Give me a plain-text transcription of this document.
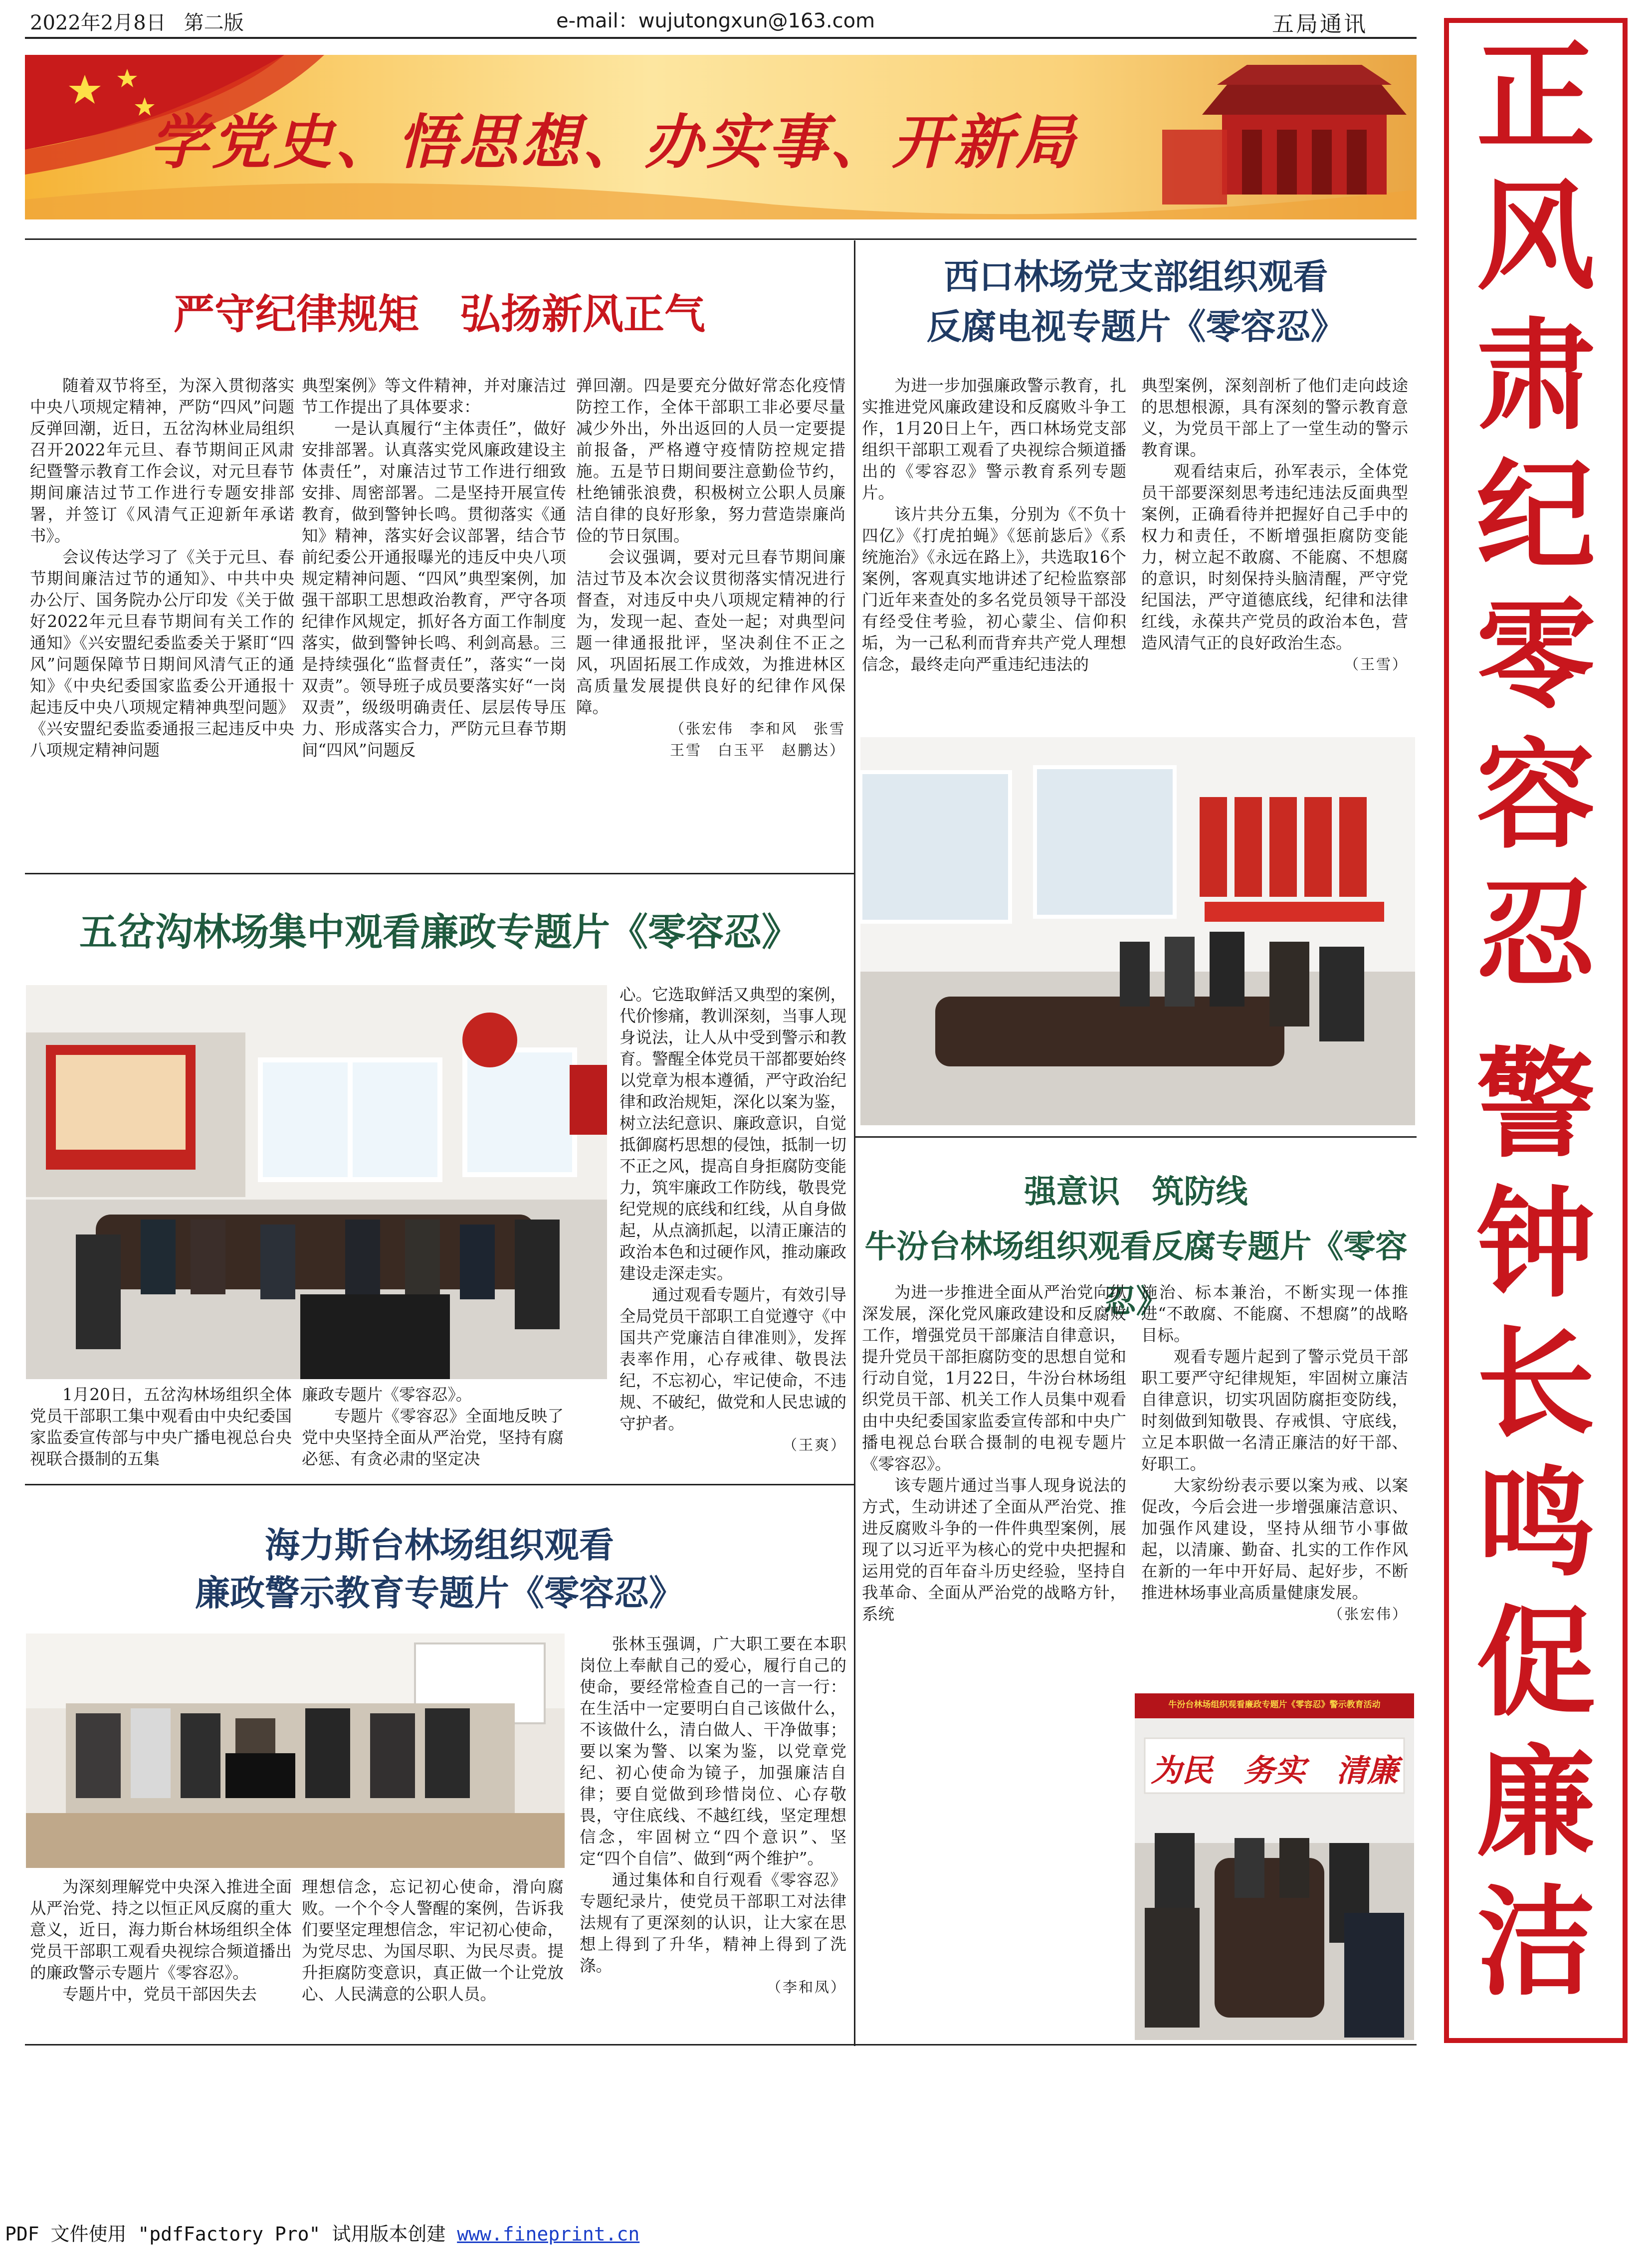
2022年2月8日 第二版	e-mail：wujutongxun@163.com	五局通讯
学党史、悟思想、办实事、开新局	正
风
肃
纪
零
容
忍
警
钟
长
鸣
促
廉
洁
严守纪律规矩　弘扬新风正气

随着双节将至，为深入贯彻落实中央八项规定精神，严防“四风”问题反弹回潮，近日，五岔沟林业局组织召开2022年元旦、春节期间正风肃纪暨警示教育工作会议，对元旦春节期间廉洁过节工作进行专题安排部署，并签订《风清气正迎新年承诺书》。

会议传达学习了《关于元旦、春节期间廉洁过节的通知》、中共中央办公厅、国务院办公厅印发《关于做好2022年元旦春节期间有关工作的通知》《兴安盟纪委监委关于紧盯“四风”问题保障节日期间风清气正的通知》《中央纪委国家监委公开通报十起违反中央八项规定精神典型问题》《兴安盟纪委监委通报三起违反中央八项规定精神问题

典型案例》等文件精神，并对廉洁过节工作提出了具体要求：

一是认真履行“主体责任”，做好安排部署。认真落实党风廉政建设主体责任”，对廉洁过节工作进行细致安排、周密部署。二是坚持开展宣传教育，做到警钟长鸣。贯彻落实《通知》精神，落实好会议部署，结合节前纪委公开通报曝光的违反中央八项规定精神问题、“四风”典型案例，加强干部职工思想政治教育，严守各项纪律作风规定，抓好各方面工作制度落实，做到警钟长鸣、利剑高悬。三是持续强化“监督责任”，落实“一岗双责”。领导班子成员要落实好“一岗双责”，级级明确责任、层层传导压力、形成落实合力，严防元旦春节期间“四风”问题反

弹回潮。四是要充分做好常态化疫情防控工作，全体干部职工非必要尽量减少外出，外出返回的人员一定要提前报备，严格遵守疫情防控规定措施。五是节日期间要注意勤俭节约，杜绝铺张浪费，积极树立公职人员廉洁自律的良好形象，努力营造崇廉尚俭的节日氛围。

会议强调，要对元旦春节期间廉洁过节及本次会议贯彻落实情况进行督查，对违反中央八项规定精神的行为，发现一起、查处一起；对典型问题一律通报批评，坚决刹住不正之风，巩固拓展工作成效，为推进林区高质量发展提供良好的纪律作风保障。

（张宏伟　李和风　张雪
王雪　白玉平　赵鹏达）
五岔沟林场集中观看廉政专题片《零容忍》

心。它选取鲜活又典型的案例，代价惨痛，教训深刻，当事人现身说法，让人从中受到警示和教育。警醒全体党员干部都要始终以党章为根本遵循，严守政治纪律和政治规矩，深化以案为鉴，树立法纪意识、廉政意识，自觉抵御腐朽思想的侵蚀，抵制一切不正之风，提高自身拒腐防变能力，筑牢廉政工作防线，敬畏党纪党规的底线和红线，从自身做起，从点滴抓起，以清正廉洁的政治本色和过硬作风，推动廉政建设走深走实。

通过观看专题片，有效引导全局党员干部职工自觉遵守《中国共产党廉洁自律准则》，发挥表率作用，心存戒律、敬畏法纪，不忘初心，牢记使命，不违规、不破纪，做党和人民忠诚的守护者。

（王爽）

1月20日，五岔沟林场组织全体党员干部职工集中观看由中央纪委国家监委宣传部与中央广播电视总台央视联合摄制的五集

廉政专题片《零容忍》。

专题片《零容忍》全面地反映了党中央坚持全面从严治党，坚持有腐必惩、有贪必肃的坚定决

海力斯台林场组织观看
廉政警示教育专题片《零容忍》

张林玉强调，广大职工要在本职岗位上奉献自己的爱心，履行自己的使命，要经常检查自己的一言一行：在生活中一定要明白自己该做什么，不该做什么，清白做人、干净做事；要以案为警、以案为鉴，以党章党纪、初心使命为镜子，加强廉洁自律；要自觉做到珍惜岗位、心存敬畏，守住底线、不越红线，坚定理想信念，牢固树立“四个意识”、坚定“四个自信”、做到“两个维护”。

通过集体和自行观看《零容忍》专题纪录片，使党员干部职工对法律法规有了更深刻的认识，让大家在思想上得到了升华，精神上得到了洗涤。

（李和凤）

为深刻理解党中央深入推进全面从严治党、持之以恒正风反腐的重大意义，近日，海力斯台林场组织全体党员干部职工观看央视综合频道播出的廉政警示专题片《零容忍》。

专题片中，党员干部因失去

理想信念，忘记初心使命，滑向腐败。一个个令人警醒的案例，告诉我们要坚定理想信念，牢记初心使命，为党尽忠、为国尽职、为民尽责。提升拒腐防变意识，真正做一个让党放心、人民满意的公职人员。

西口林场党支部组织观看
反腐电视专题片《零容忍》

为进一步加强廉政警示教育，扎实推进党风廉政建设和反腐败斗争工作，1月20日上午，西口林场党支部组织干部职工观看了央视综合频道播出的《零容忍》警示教育系列专题片。

该片共分五集，分别为《不负十四亿》《打虎拍蝇》《惩前毖后》《系统施治》《永远在路上》，共选取16个案例，客观真实地讲述了纪检监察部门近年来查处的多名党员领导干部没有经受住考验，初心蒙尘、信仰积垢，为一己私利而背弃共产党人理想信念，最终走向严重违纪违法的

典型案例，深刻剖析了他们走向歧途的思想根源，具有深刻的警示教育意义，为党员干部上了一堂生动的警示教育课。

观看结束后，孙军表示，全体党员干部要深刻思考违纪违法反面典型案例，正确看待并把握好自己手中的权力和责任，不断增强拒腐防变能力，树立起不敢腐、不能腐、不想腐的意识，时刻保持头脑清醒，严守党纪国法，严守道德底线，纪律和法律红线，永葆共产党员的政治本色，营造风清气正的良好政治生态。

（王雪）
强意识　筑防线
牛汾台林场组织观看反腐专题片《零容忍》

为进一步推进全面从严治党向纵深发展，深化党风廉政建设和反腐败工作，增强党员干部廉洁自律意识，提升党员干部拒腐防变的思想自觉和行动自觉，1月22日，牛汾台林场组织党员干部、机关工作人员集中观看由中央纪委国家监委宣传部和中央广播电视总台联合摄制的电视专题片《零容忍》。

该专题片通过当事人现身说法的方式，生动讲述了全面从严治党、推进反腐败斗争的一件件典型案例，展现了以习近平为核心的党中央把握和运用党的百年奋斗历史经验，坚持自我革命、全面从严治党的战略方针，系统

施治、标本兼治，不断实现一体推进“不敢腐、不能腐、不想腐”的战略目标。

观看专题片起到了警示党员干部职工要严守纪律规矩，牢固树立廉洁自律意识，切实巩固防腐拒变防线，时刻做到知敬畏、存戒惧、守底线，立足本职做一名清正廉洁的好干部、好职工。

大家纷纷表示要以案为戒、以案促改，今后会进一步增强廉洁意识、加强作风建设，坚持从细节小事做起，以清廉、勤奋、扎实的工作作风在新的一年中开好局、起好步，不断推进林场事业高质量健康发展。

（张宏伟）
牛汾台林场组织观看廉政专题片《零容忍》警示教育活动
为民　务实　清廉
PDF 文件使用 "pdfFactory Pro" 试用版本创建 www.fineprint.cn
